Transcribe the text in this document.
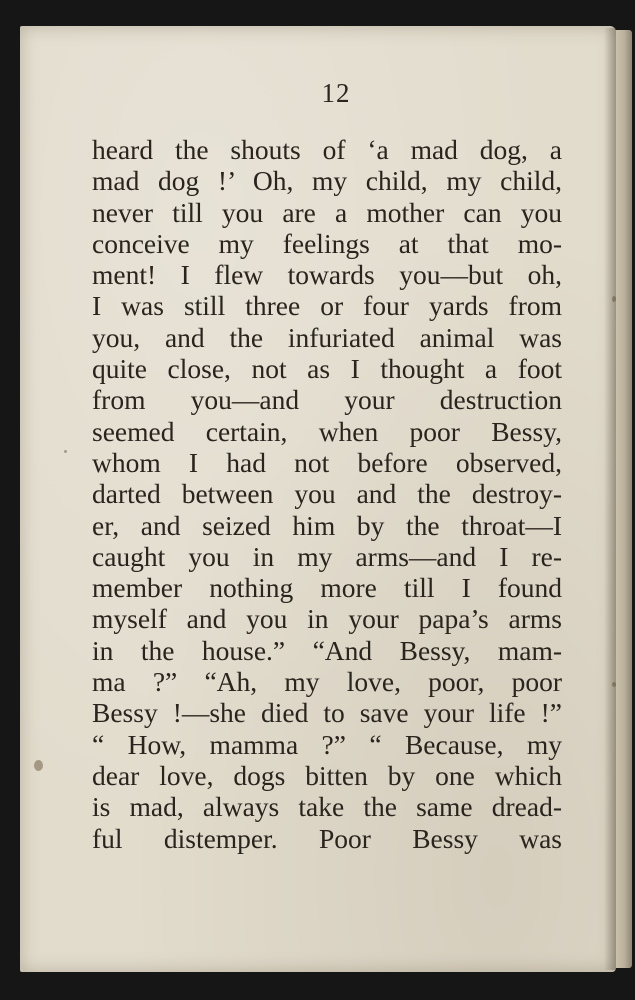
12
heard the shouts of ‘a mad dog, a
mad dog !’ Oh, my child, my child,
never till you are a mother can you
conceive my feelings at that mo-
ment! I flew towards you—but oh,
I was still three or four yards from
you, and the infuriated animal was
quite close, not as I thought a foot
from you—and your destruction
seemed certain, when poor Bessy,
whom I had not before observed,
darted between you and the destroy-
er, and seized him by the throat—I
caught you in my arms—and I re-
member nothing more till I found
myself and you in your papa’s arms
in the house.” “And Bessy, mam-
ma ?” “Ah, my love, poor, poor
Bessy !—she died to save your life !”
“ How, mamma ?” “ Because, my
dear love, dogs bitten by one which
is mad, always take the same dread-
ful distemper. Poor Bessy was
